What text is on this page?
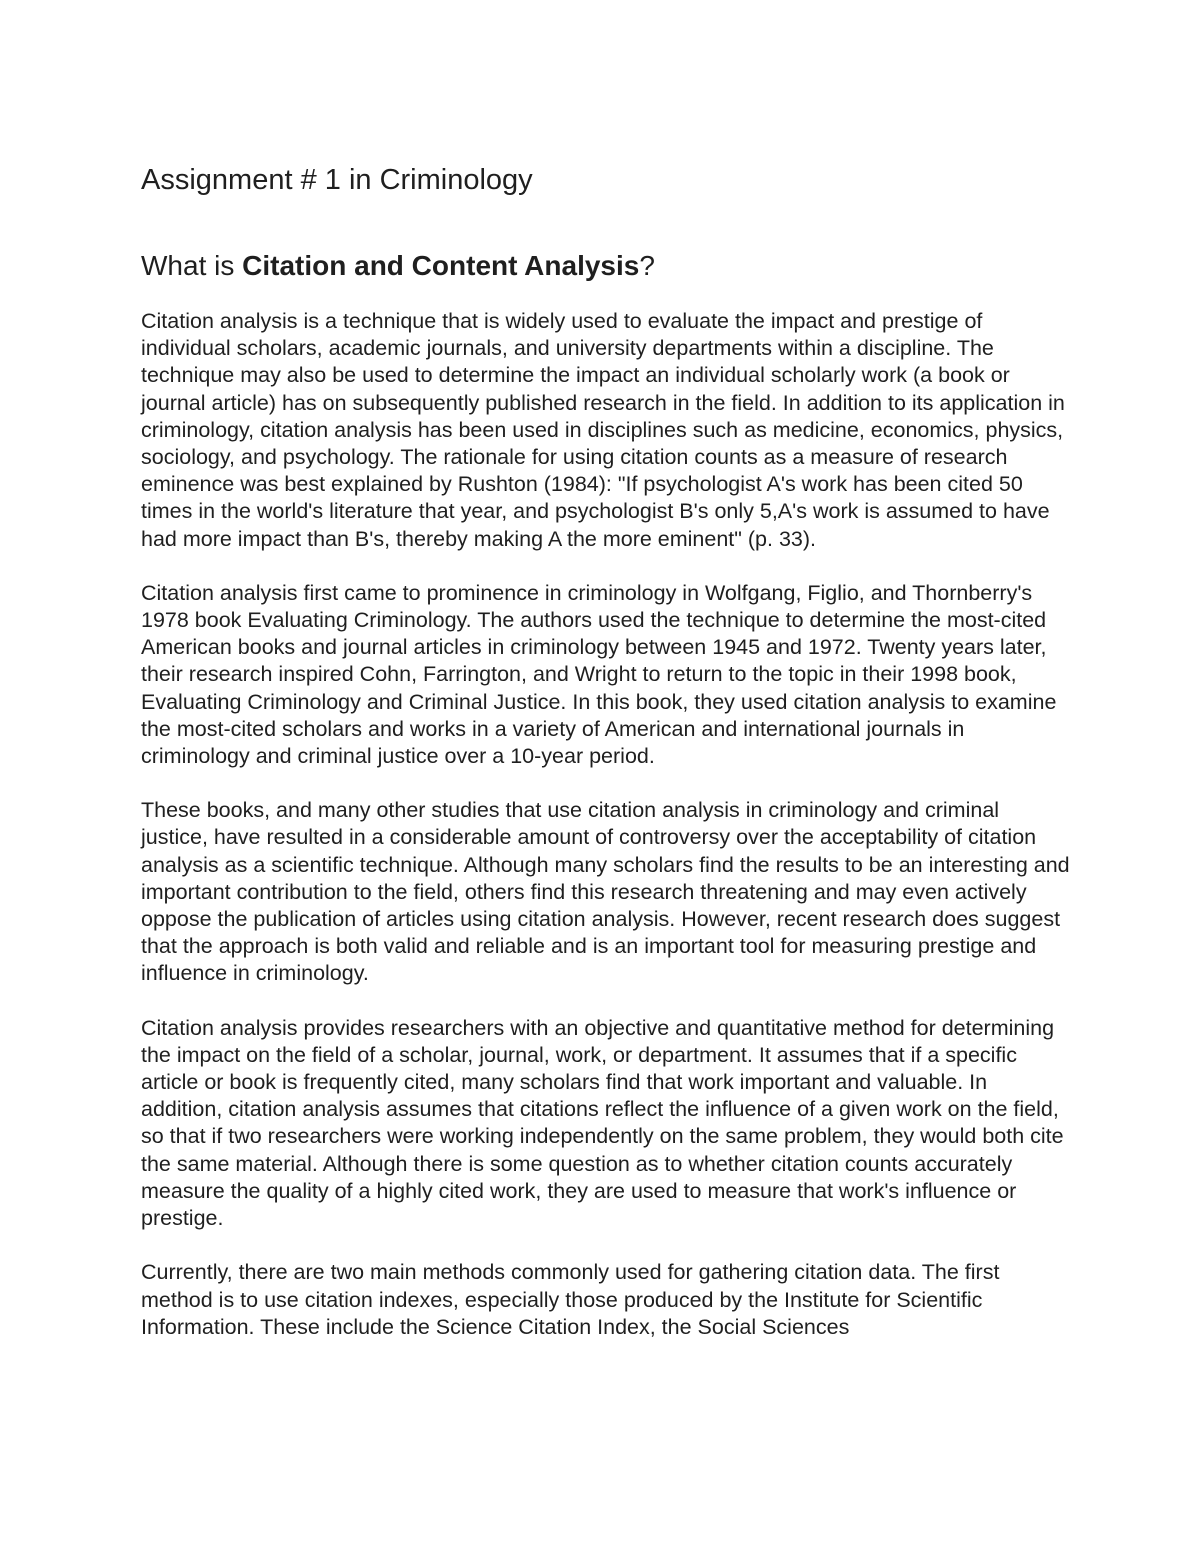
Assignment # 1 in Criminology
What is Citation and Content Analysis?

Citation analysis is a technique that is widely used to evaluate the impact and prestige of individual scholars, academic journals, and university departments within a discipline. The technique may also be used to determine the impact an individual scholarly work (a book or journal article) has on subsequently published research in the field. In addition to its application in criminology, citation analysis has been used in disciplines such as medicine, economics, physics, sociology, and psychology. The rationale for using citation counts as a measure of research eminence was best explained by Rushton (1984): "If psychologist A's work has been cited 50 times in the world's literature that year, and psychologist B's only 5,A's work is assumed to have had more impact than B's, thereby making A the more eminent" (p. 33).

Citation analysis first came to prominence in criminology in Wolfgang, Figlio, and Thornberry's 1978 book Evaluating Criminology. The authors used the technique to determine the most-cited American books and journal articles in criminology between 1945 and 1972. Twenty years later, their research inspired Cohn, Farrington, and Wright to return to the topic in their 1998 book, Evaluating Criminology and Criminal Justice. In this book, they used citation analysis to examine the most-cited scholars and works in a variety of American and international journals in criminology and criminal justice over a 10-year period.

These books, and many other studies that use citation analysis in criminology and criminal justice, have resulted in a considerable amount of controversy over the acceptability of citation analysis as a scientific technique. Although many scholars find the results to be an interesting and important contribution to the field, others find this research threatening and may even actively oppose the publication of articles using citation analysis. However, recent research does suggest that the approach is both valid and reliable and is an important tool for measuring prestige and influence in criminology.

Citation analysis provides researchers with an objective and quantitative method for determining the impact on the field of a scholar, journal, work, or department. It assumes that if a specific article or book is frequently cited, many scholars find that work important and valuable. In addition, citation analysis assumes that citations reflect the influence of a given work on the field, so that if two researchers were working independently on the same problem, they would both cite the same material. Although there is some question as to whether citation counts accurately measure the quality of a highly cited work, they are used to measure that work's influence or prestige.

Currently, there are two main methods commonly used for gathering citation data. The first method is to use citation indexes, especially those produced by the Institute for Scientific Information. These include the Science Citation Index, the Social Sciences
